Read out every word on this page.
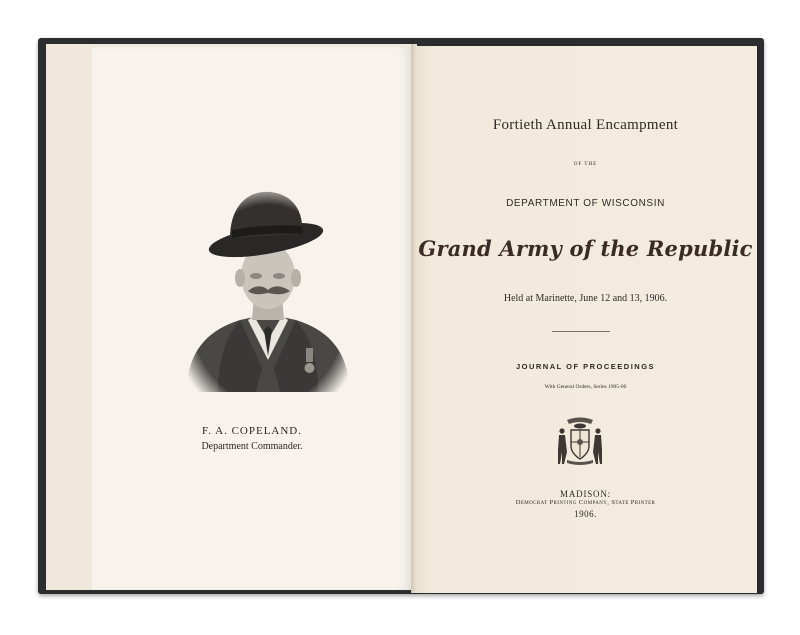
F. A. COPELAND.
Department Commander.
Fortieth Annual Encampment
OF THE
DEPARTMENT OF WISCONSIN
Grand Army of the Republic
Held at Marinette, June 12 and 13, 1906.
JOURNAL OF PROCEEDINGS
With General Orders, Series 1905-06
MADISON:
Democrat Printing Company, State Printer
1906.
